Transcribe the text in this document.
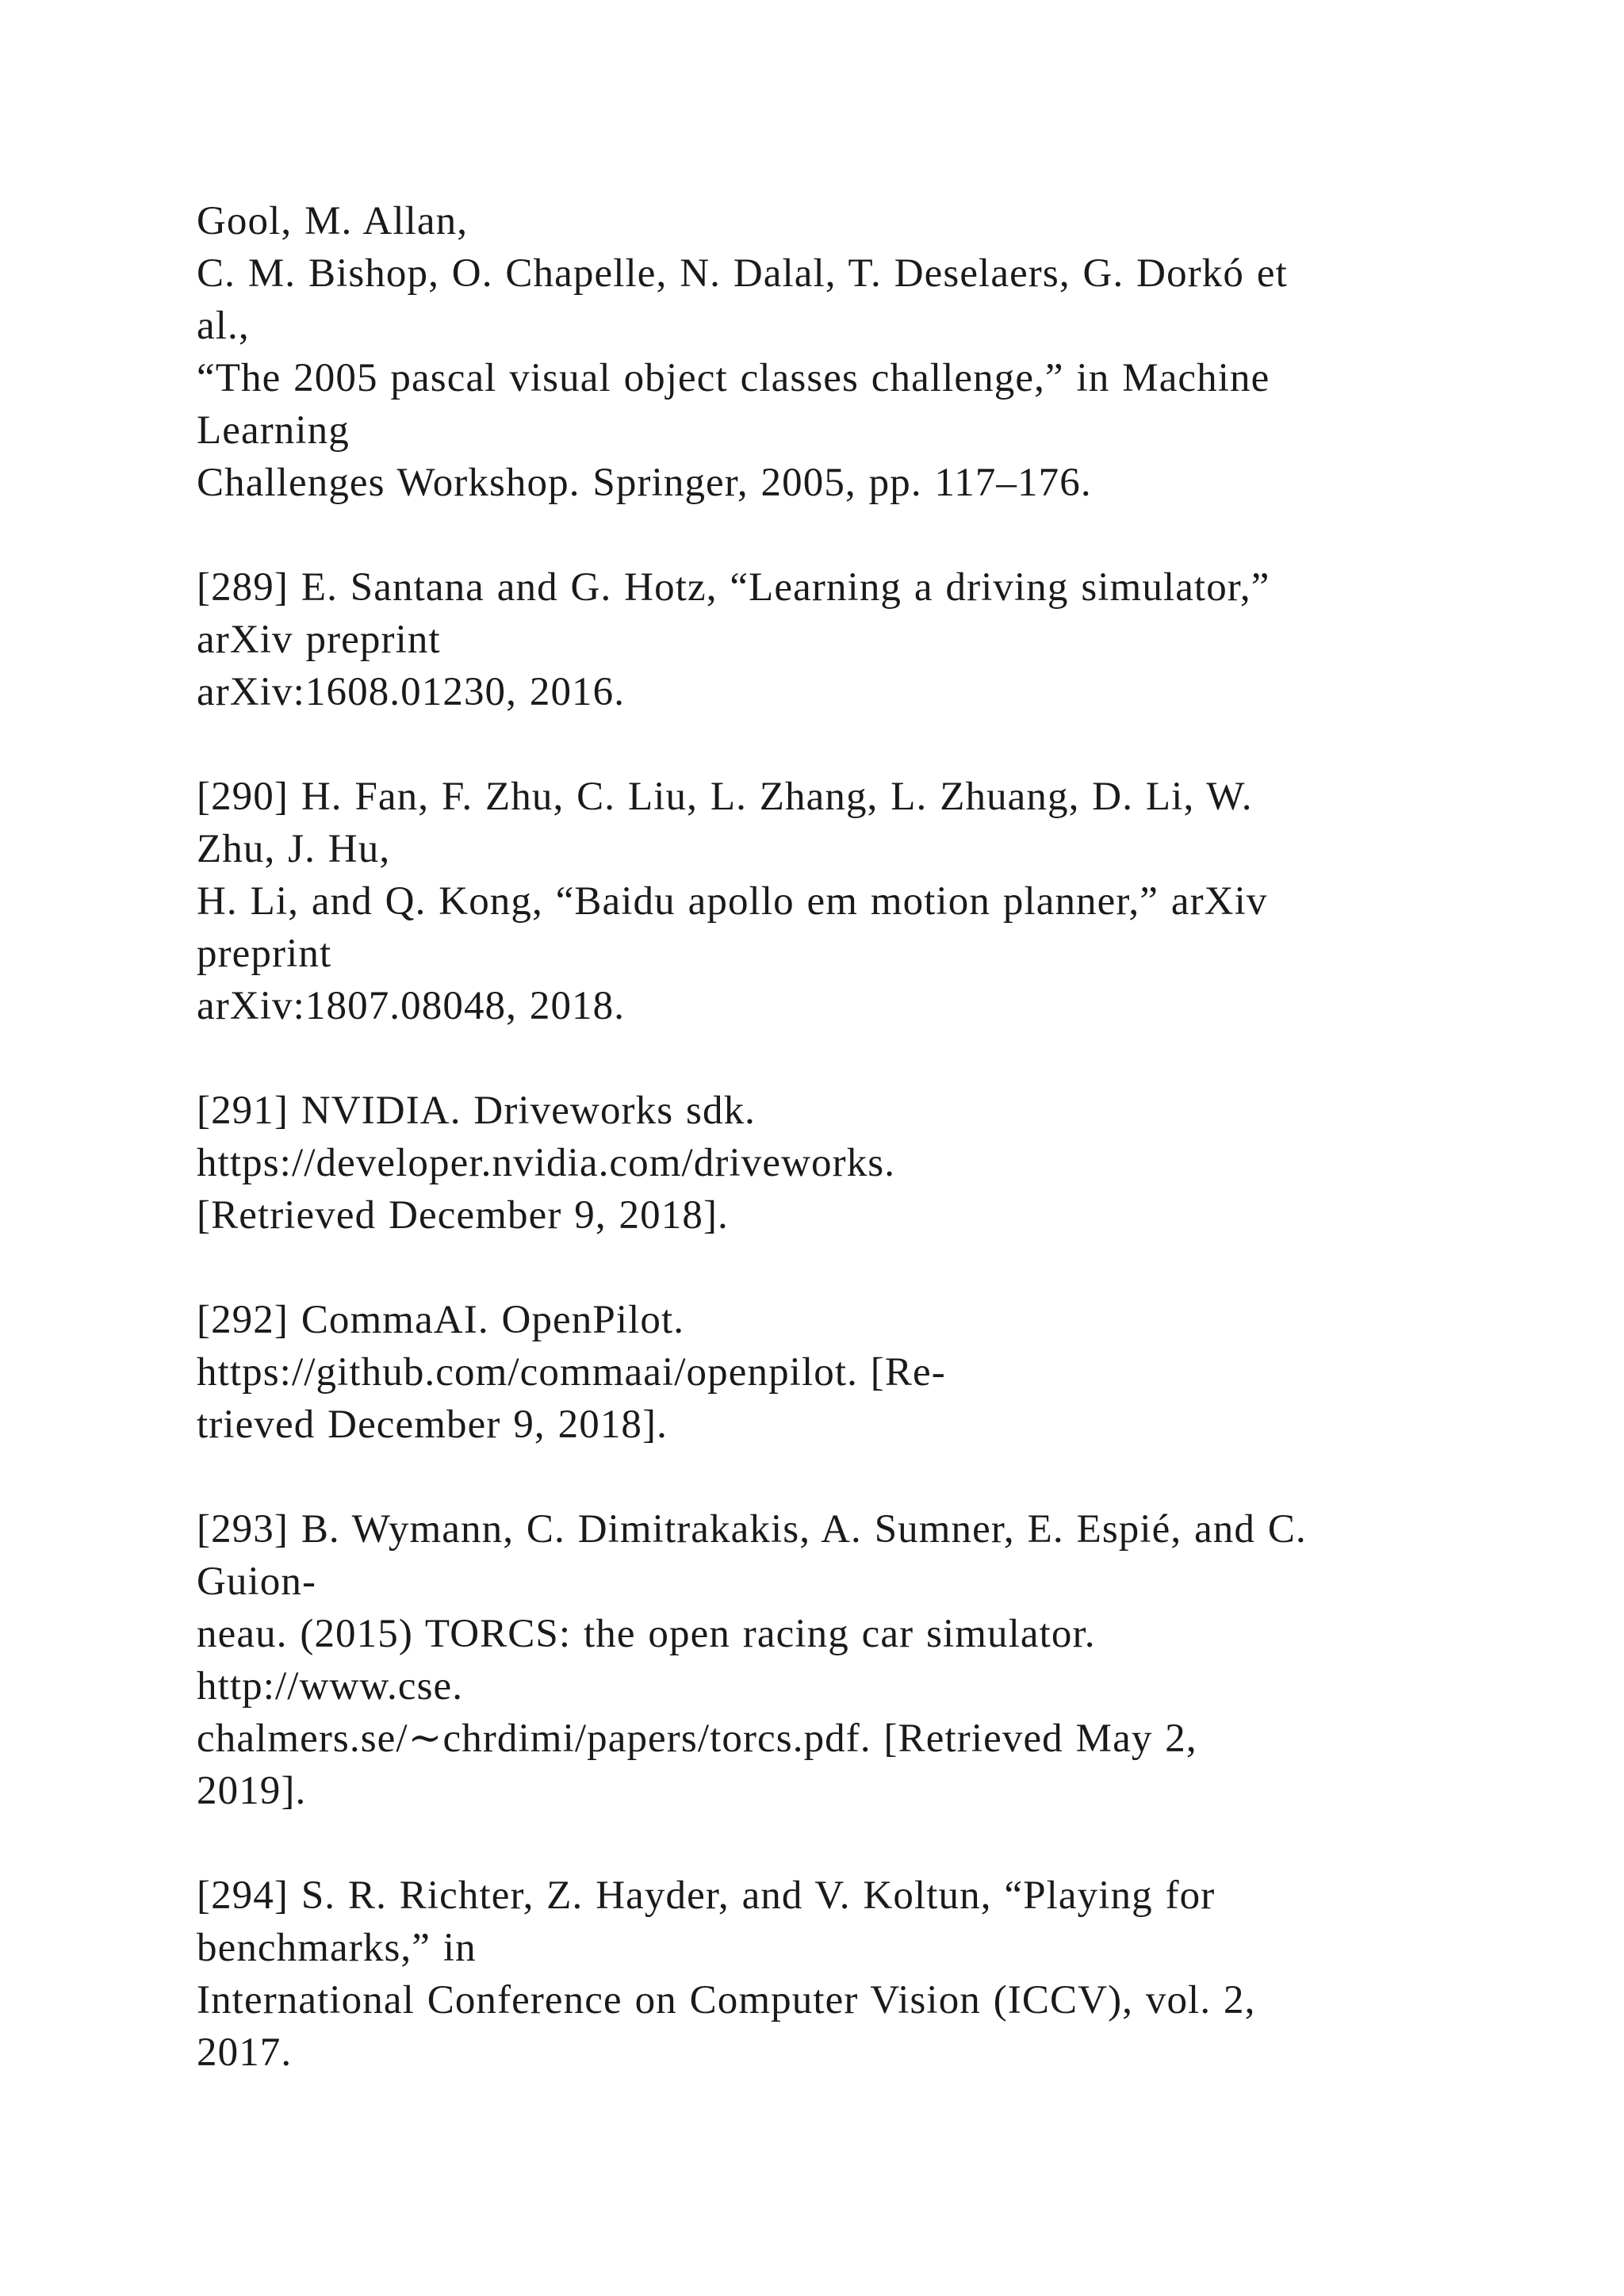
Gool, M. Allan,
C. M. Bishop, O. Chapelle, N. Dalal, T. Deselaers, G. Dorkó et
al.,
“The 2005 pascal visual object classes challenge,” in Machine
Learning
Challenges Workshop. Springer, 2005, pp. 117–176.
[289] E. Santana and G. Hotz, “Learning a driving simulator,”
arXiv preprint
arXiv:1608.01230, 2016.
[290] H. Fan, F. Zhu, C. Liu, L. Zhang, L. Zhuang, D. Li, W.
Zhu, J. Hu,
H. Li, and Q. Kong, “Baidu apollo em motion planner,” arXiv
preprint
arXiv:1807.08048, 2018.
[291] NVIDIA. Driveworks sdk.
https://developer.nvidia.com/driveworks.
[Retrieved December 9, 2018].
[292] CommaAI. OpenPilot.
https://github.com/commaai/openpilot. [Re-
trieved December 9, 2018].
[293] B. Wymann, C. Dimitrakakis, A. Sumner, E. Espié, and C.
Guion-
neau. (2015) TORCS: the open racing car simulator.
http://www.cse.
chalmers.se/∼chrdimi/papers/torcs.pdf. [Retrieved May 2,
2019].
[294] S. R. Richter, Z. Hayder, and V. Koltun, “Playing for
benchmarks,” in
International Conference on Computer Vision (ICCV), vol. 2,
2017.
